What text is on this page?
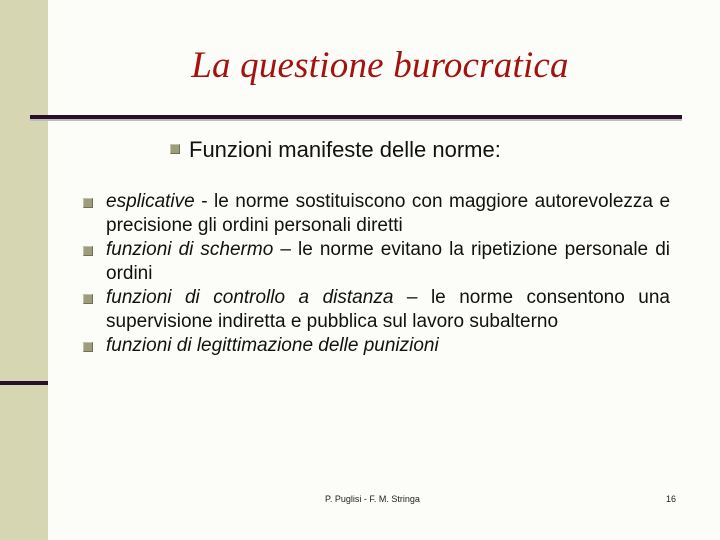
La questione burocratica
Funzioni manifeste delle norme:
esplicative - le norme sostituiscono con maggiore autorevolezza e precisione gli ordini personali diretti
funzioni di schermo – le norme evitano la ripetizione personale di ordini
funzioni di controllo a distanza – le norme consentono una supervisione indiretta e pubblica sul lavoro subalterno
funzioni di legittimazione delle punizioni
P. Puglisi - F. M. Stringa	16
